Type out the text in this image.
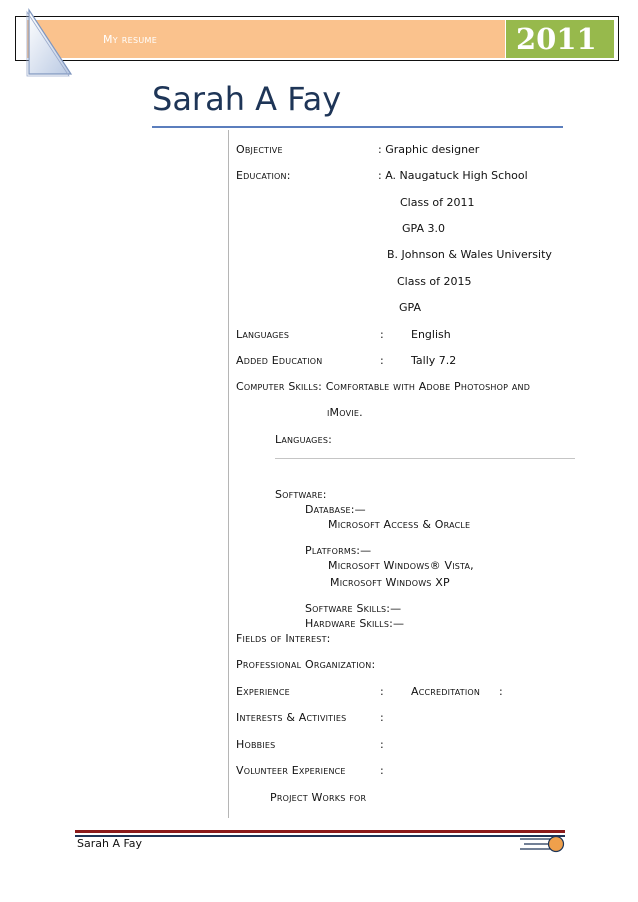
My resume	2011
Sarah A Fay
Objective	: Graphic designer
Education:	: A. Naugatuck High School
Class of 2011
GPA 3.0
B. Johnson & Wales University
Class of 2015
GPA
Languages	: English
Added Education	: Tally 7.2
Computer Skills: Comfortable with Adobe Photoshop and
iMovie.
Languages:
Software:
Database:—
Microsoft Access & Oracle
Platforms:—
Microsoft Windows® Vista,
Microsoft Windows XP
Software Skills:—
Hardware Skills:—
Fields of Interest:
Professional Organization:
Experience	: Accreditation :
Interests & Activities	:
Hobbies	:
Volunteer Experience	:
Project Works for
Sarah A Fay
